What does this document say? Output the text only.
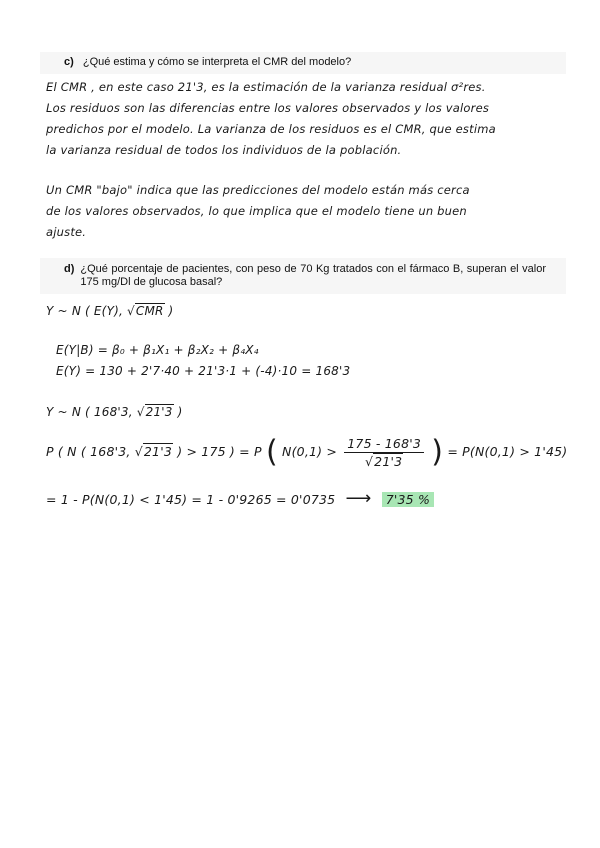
c) ¿Qué estima y cómo se interpreta el CMR del modelo?
El CMR , en este caso 21'3, es la estimación de la varianza residual σ²res.
Los residuos son las diferencias entre los valores observados y los valores
predichos por el modelo. La varianza de los residuos es el CMR, que estima
la varianza residual de todos los individuos de la población.
Un CMR "bajo" indica que las predicciones del modelo están más cerca
de los valores observados, lo que implica que el modelo tiene un buen
ajuste.
d) ¿Qué porcentaje de pacientes, con peso de 70 Kg tratados con el fármaco B, superan el valor 175 mg/Dl de glucosa basal?
Y ~ N ( E(Y), √CMR )
E(Y|B) = β₀ + β₁X₁ + β₂X₂ + β₄X₄
E(Y) = 130 + 2'7·40 + 21'3·1 + (-4)·10 = 168'3
Y ~ N ( 168'3, √21'3 )
P ( N ( 168'3, √21'3 ) > 175 ) = P ( $N(0,1) > \frac{175 - 168'3}{√21'3}$ ) = P(N(0,1) > 1'45)
= 1 - P(N(0,1) < 1'45) = 1 - 0'9265 = 0'0735 ⟶ 7'35 %
